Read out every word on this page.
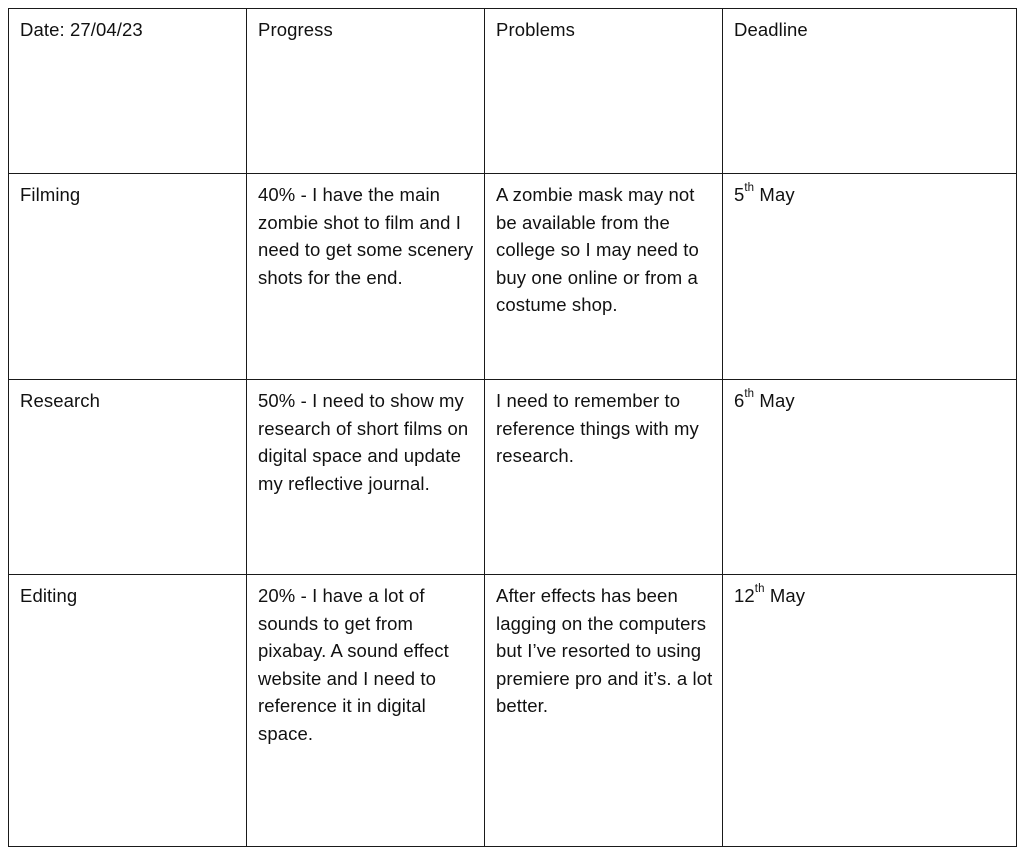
Date: 27/04/23	Progress	Problems	Deadline
Filming	40% - I have the main zombie shot to film and I need to get some scenery shots for the end.	A zombie mask may not be available from the college so I may need to buy one online or from a costume shop.	5th May
Research	50% - I need to show my research of short films on digital space and update my reflective journal.	I need to remember to reference things with my research.	6th May
Editing	20% - I have a lot of sounds to get from pixabay. A sound effect website and I need to reference it in digital space.	After effects has been lagging on the computers but I’ve resorted to using premiere pro and it’s. a lot better.	12th May
